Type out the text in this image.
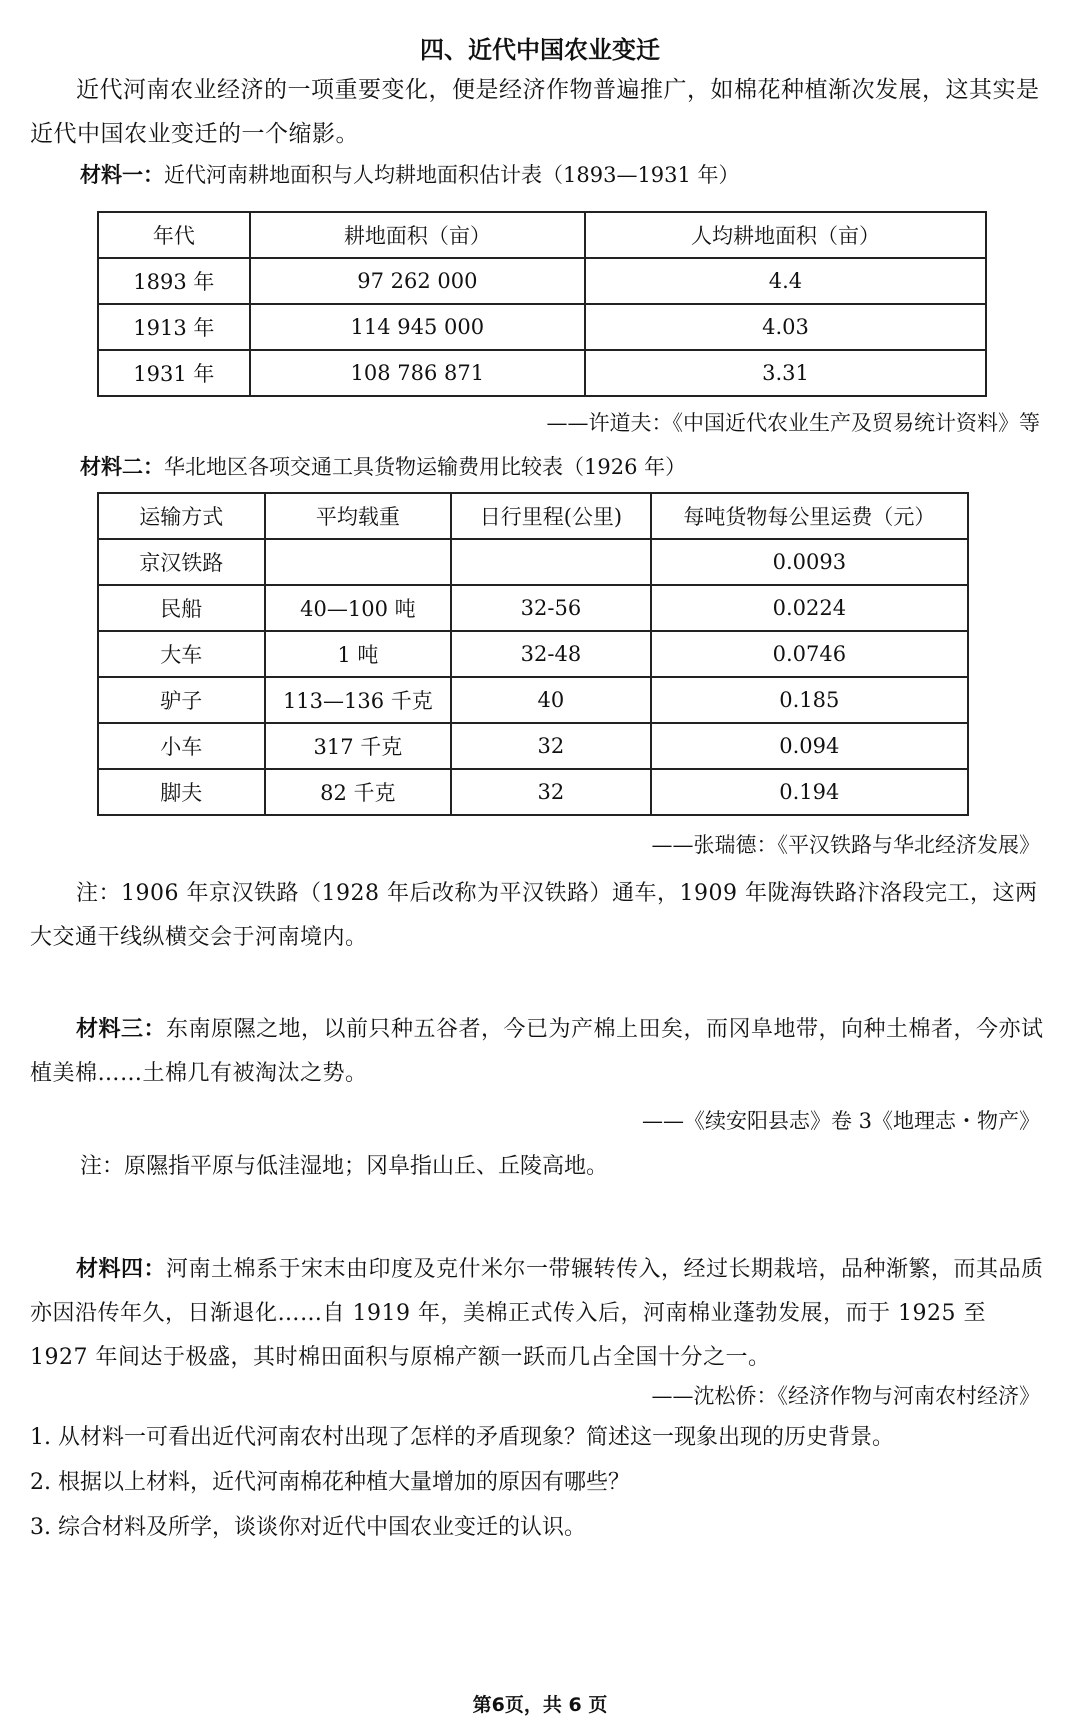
四、近代中国农业变迁
近代河南农业经济的一项重要变化，便是经济作物普遍推广，如棉花种植渐次发展，这其实是近代中国农业变迁的一个缩影。
材料一：近代河南耕地面积与人均耕地面积估计表（1893—1931 年）
年代	耕地面积（亩）	人均耕地面积（亩）
1893 年	97 262 000	4.4
1913 年	114 945 000	4.03
1931 年	108 786 871	3.31
——许道夫：《中国近代农业生产及贸易统计资料》等
材料二：华北地区各项交通工具货物运输费用比较表（1926 年）
运输方式	平均载重	日行里程(公里)	每吨货物每公里运费（元）
京汉铁路			0.0093
民船	40—100 吨	32-56	0.0224
大车	1 吨	32-48	0.0746
驴子	113—136 千克	40	0.185
小车	317 千克	32	0.094
脚夫	82 千克	32	0.194
——张瑞德：《平汉铁路与华北经济发展》
注：1906 年京汉铁路（1928 年后改称为平汉铁路）通车，1909 年陇海铁路汴洛段完工，这两大交通干线纵横交会于河南境内。
材料三：东南原隰之地，以前只种五谷者，今已为产棉上田矣，而冈阜地带，向种土棉者，今亦试植美棉……土棉几有被淘汰之势。
——《续安阳县志》卷 3《地理志・物产》
注：原隰指平原与低洼湿地；冈阜指山丘、丘陵高地。
材料四：河南土棉系于宋末由印度及克什米尔一带辗转传入，经过长期栽培，品种渐繁，而其品质亦因沿传年久，日渐退化……自 1919 年，美棉正式传入后，河南棉业蓬勃发展，而于 1925 至 1927 年间达于极盛，其时棉田面积与原棉产额一跃而几占全国十分之一。
——沈松侨：《经济作物与河南农村经济》
1. 从材料一可看出近代河南农村出现了怎样的矛盾现象？简述这一现象出现的历史背景。
2. 根据以上材料，近代河南棉花种植大量增加的原因有哪些？
3. 综合材料及所学，谈谈你对近代中国农业变迁的认识。
第6页，共 6 页
